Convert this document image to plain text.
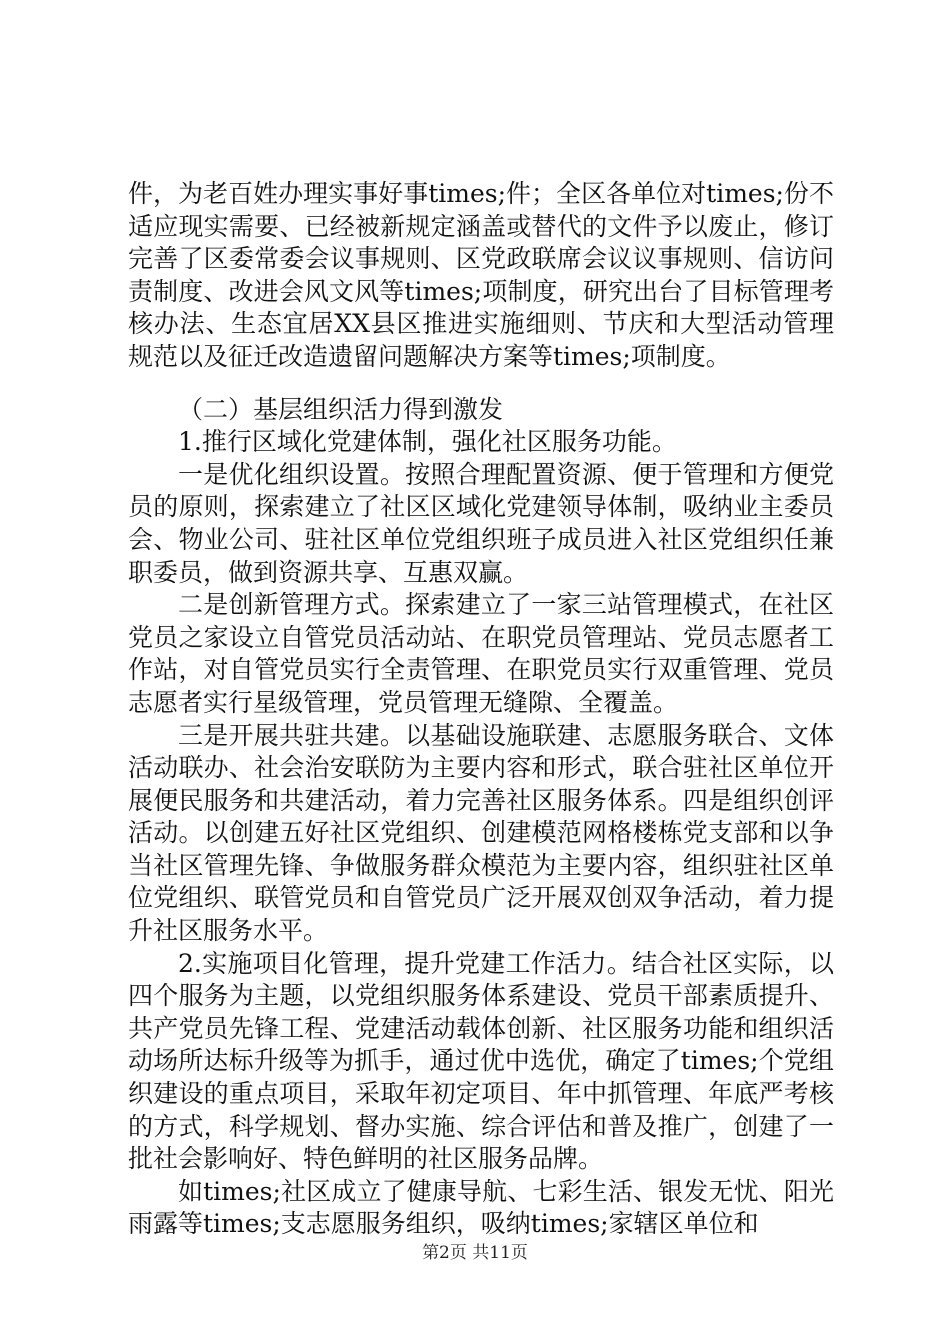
件，为老百姓办理实事好事times;件；全区各单位对times;份不适应现实需要、已经被新规定涵盖或替代的文件予以废止，修订完善了区委常委会议事规则、区党政联席会议议事规则、信访问责制度、改进会风文风等times;项制度，研究出台了目标管理考核办法、生态宜居XX县区推进实施细则、节庆和大型活动管理规范以及征迁改造遗留问题解决方案等times;项制度。

（二）基层组织活力得到激发

1.推行区域化党建体制，强化社区服务功能。

一是优化组织设置。按照合理配置资源、便于管理和方便党员的原则，探索建立了社区区域化党建领导体制，吸纳业主委员会、物业公司、驻社区单位党组织班子成员进入社区党组织任兼职委员，做到资源共享、互惠双赢。

二是创新管理方式。探索建立了一家三站管理模式，在社区党员之家设立自管党员活动站、在职党员管理站、党员志愿者工作站，对自管党员实行全责管理、在职党员实行双重管理、党员志愿者实行星级管理，党员管理无缝隙、全覆盖。

三是开展共驻共建。以基础设施联建、志愿服务联合、文体活动联办、社会治安联防为主要内容和形式，联合驻社区单位开展便民服务和共建活动，着力完善社区服务体系。四是组织创评活动。以创建五好社区党组织、创建模范网格楼栋党支部和以争当社区管理先锋、争做服务群众模范为主要内容，组织驻社区单位党组织、联管党员和自管党员广泛开展双创双争活动，着力提升社区服务水平。

2.实施项目化管理，提升党建工作活力。结合社区实际，以四个服务为主题，以党组织服务体系建设、党员干部素质提升、共产党员先锋工程、党建活动载体创新、社区服务功能和组织活动场所达标升级等为抓手，通过优中选优，确定了times;个党组织建设的重点项目，采取年初定项目、年中抓管理、年底严考核的方式，科学规划、督办实施、综合评估和普及推广，创建了一批社会影响好、特色鲜明的社区服务品牌。

如times;社区成立了健康导航、七彩生活、银发无忧、阳光雨露等times;支志愿服务组织，吸纳times;家辖区单位和

第2页 共11页
